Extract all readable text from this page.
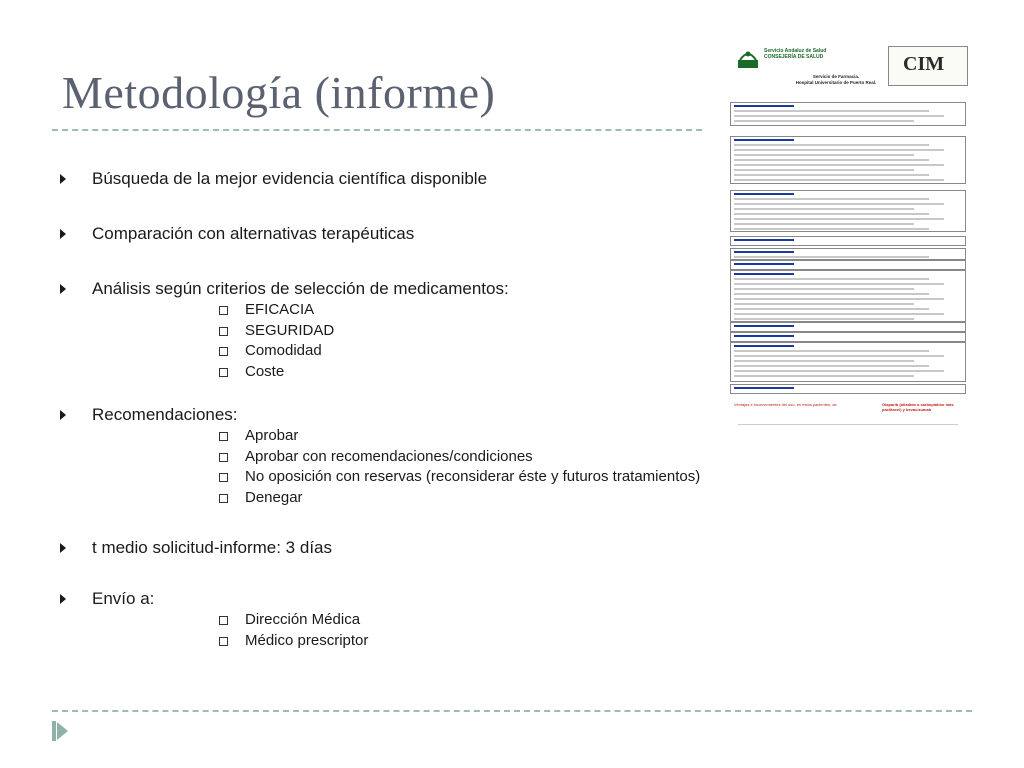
Metodología (informe)
Búsqueda de la mejor evidencia científica disponible
Comparación con alternativas terapéuticas
Análisis según criterios de selección de medicamentos:
EFICACIA
SEGURIDAD
Comodidad
Coste
Recomendaciones:
Aprobar
Aprobar con recomendaciones/condiciones
No oposición con reservas (reconsiderar éste y futuros tratamientos)
Denegar
t medio solicitud-informe: 3 días
Envío a:
Dirección Médica
Médico prescriptor
Servicio Andaluz de Salud
CONSEJERÍA DE SALUD	CIM
Servicio de Farmacia.
Hospital Universitario de Puerto Real.
Ventajas e inconvenientes del uso, en estos pacientes, de	Olaparib (añadido a carboplatino más paclitaxel) y bevacizumab
